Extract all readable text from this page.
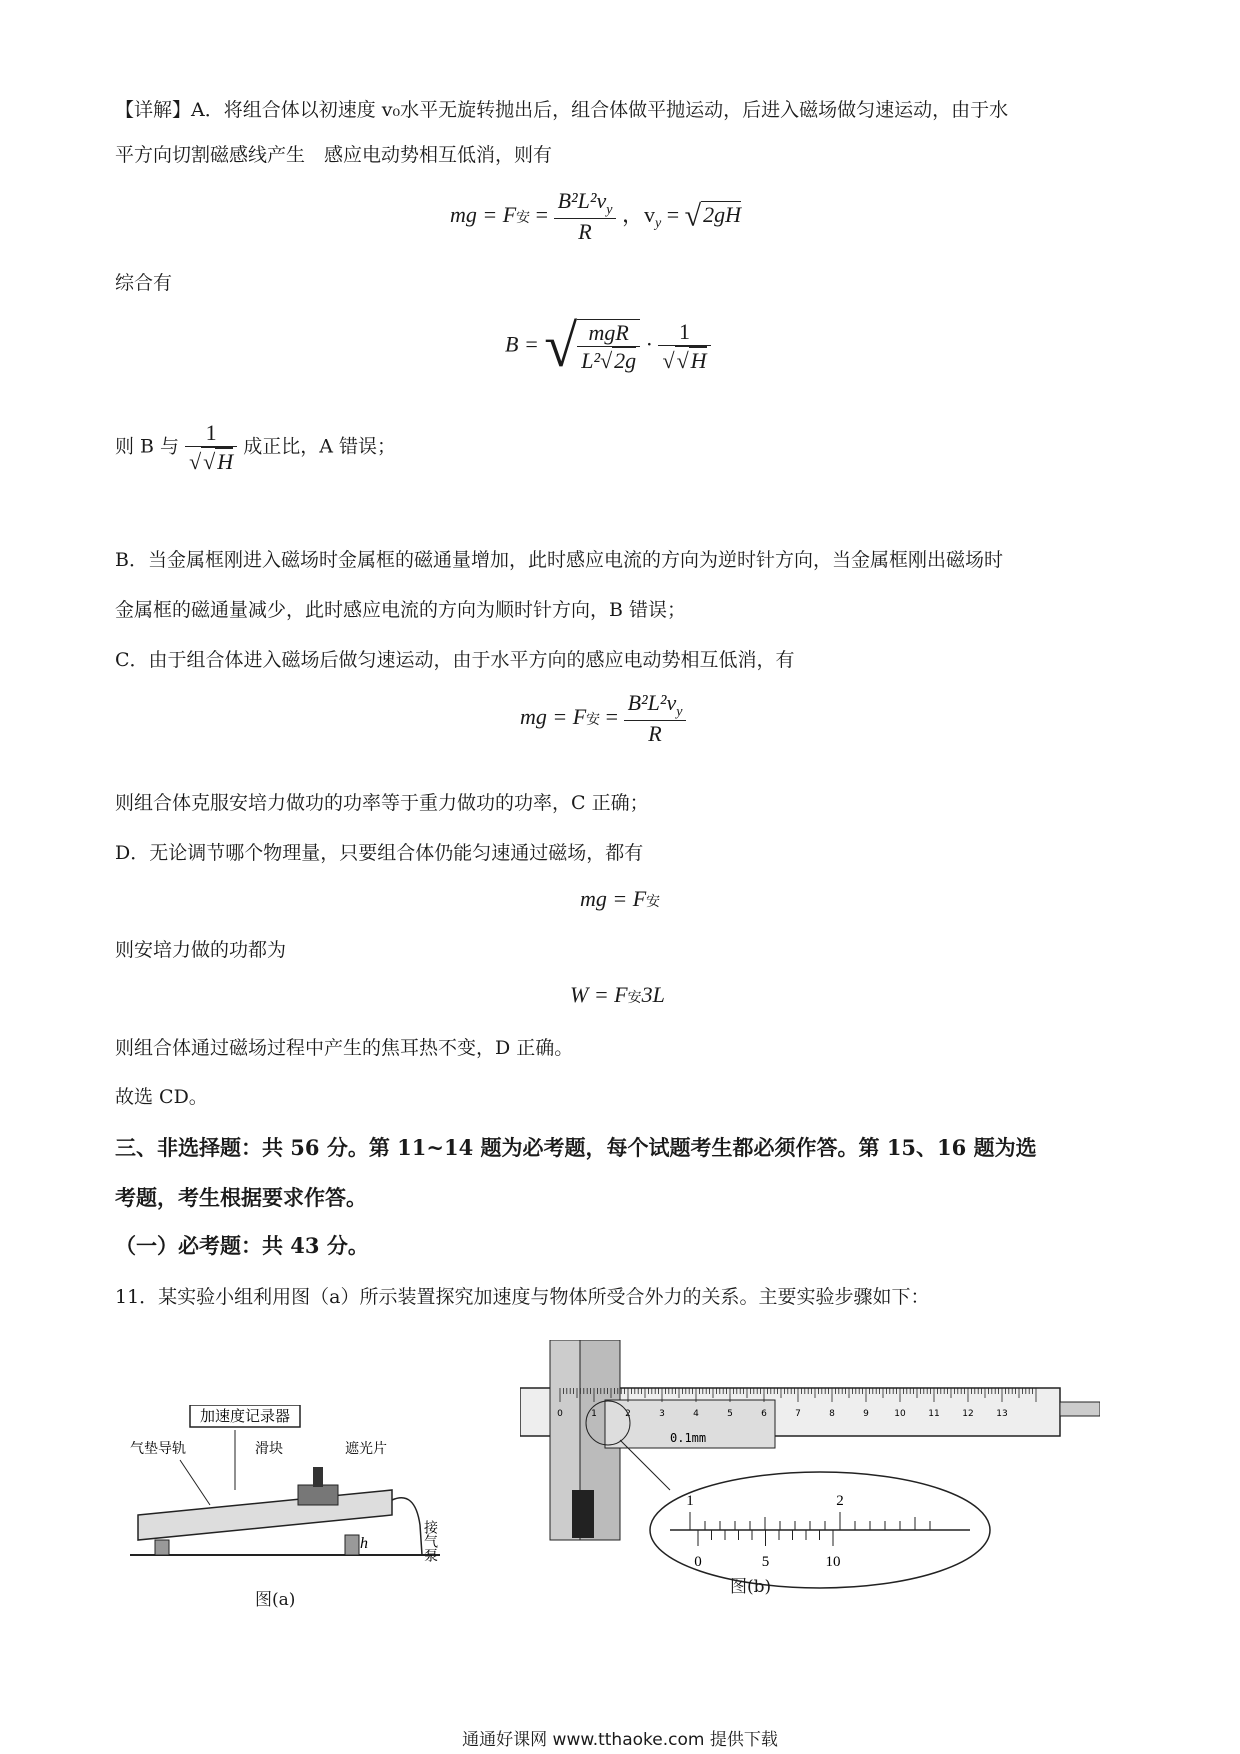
【详解】A．将组合体以初速度 v₀水平无旋转抛出后，组合体做平抛运动，后进入磁场做匀速运动，由于水
平方向切割磁感线产生　感应电动势相互低消，则有
mg = F安 = $\frac{B^2L^2v_y}{R}$ ，$v_y = √2gH$
综合有
B = √ $\frac{\text{mgR}}{\text{L²√2g}} \cdot \frac{1}{√√H}$
则 B 与 $\frac{1}{√√H}$ 成正比，A 错误；
B．当金属框刚进入磁场时金属框的磁通量增加，此时感应电流的方向为逆时针方向，当金属框刚出磁场时
金属框的磁通量减少，此时感应电流的方向为顺时针方向，B 错误；
C．由于组合体进入磁场后做匀速运动，由于水平方向的感应电动势相互低消，有
mg = F安 = $\frac{B^2L^2v_y}{R}$
则组合体克服安培力做功的功率等于重力做功的功率，C 正确；
D．无论调节哪个物理量，只要组合体仍能匀速通过磁场，都有
mg = F安
则安培力做的功都为
W = F安3L
则组合体通过磁场过程中产生的焦耳热不变，D 正确。
故选 CD。
三、非选择题：共 56 分。第 11~14 题为必考题，每个试题考生都必须作答。第 15、16 题为选
考题，考生根据要求作答。
（一）必考题：共 43 分。
11．某实验小组利用图（a）所示装置探究加速度与物体所受合外力的关系。主要实验步骤如下：
加速度记录器
气垫导轨	滑块	遮光片
h	接气泵
图(a)
0	1	2	3	4	5	6	7	8	9	10	11	12	13
0.1mm
1	2
0	5	10
图(b)
通通好课网 www.tthaoke.com 提供下载
